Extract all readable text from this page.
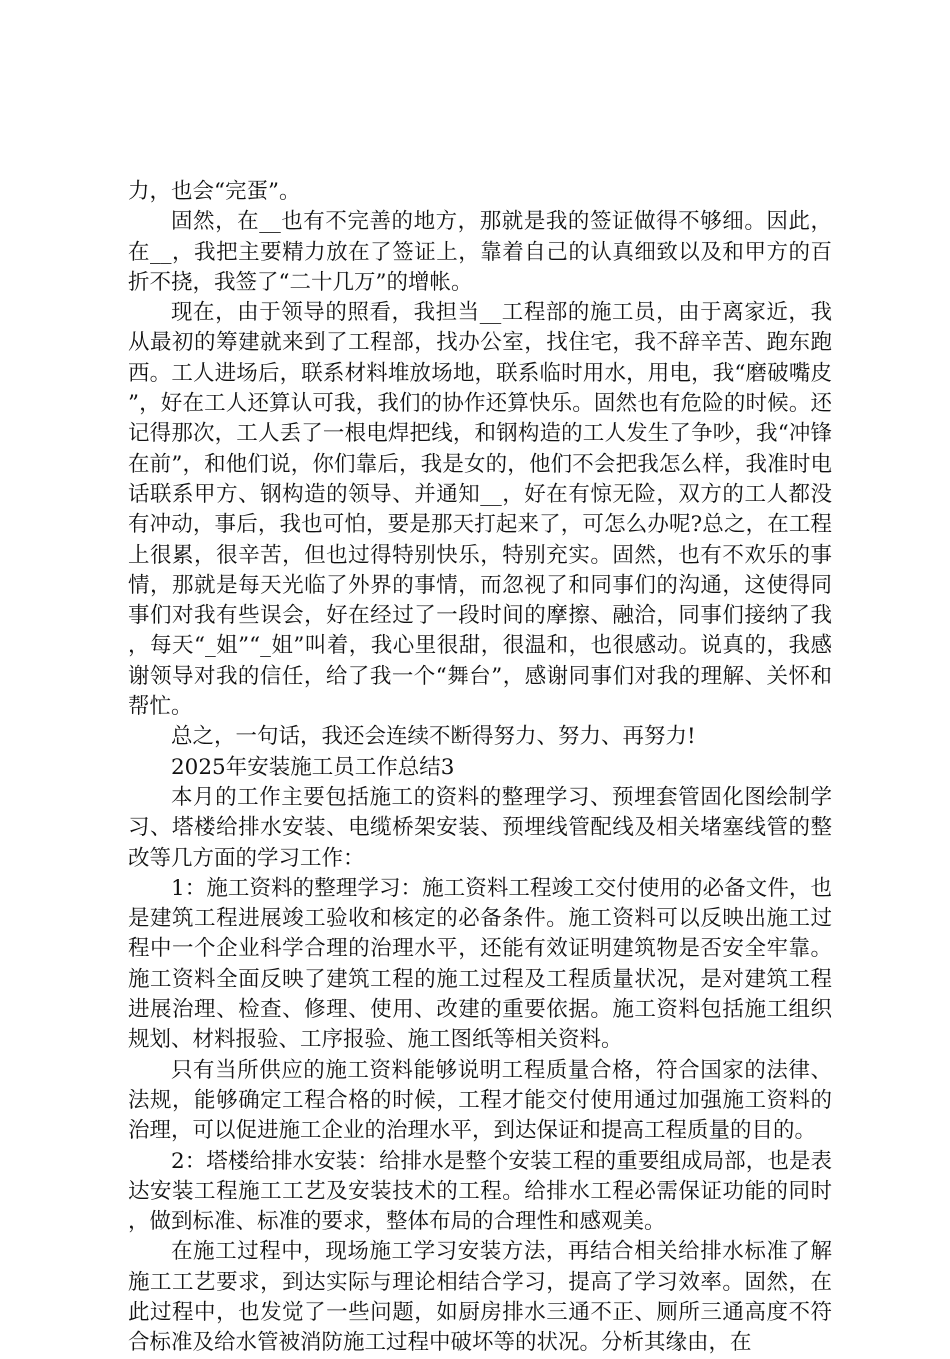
力，也会“完蛋”。

固然，在__也有不完善的地方，那就是我的签证做得不够细。因此，在__，我把主要精力放在了签证上，靠着自己的认真细致以及和甲方的百折不挠，我签了“二十几万”的增帐。

现在，由于领导的照看，我担当__工程部的施工员，由于离家近，我从最初的筹建就来到了工程部，找办公室，找住宅，我不辞辛苦、跑东跑西。工人进场后，联系材料堆放场地，联系临时用水，用电，我“磨破嘴皮”，好在工人还算认可我，我们的协作还算快乐。固然也有危险的时候。还记得那次，工人丢了一根电焊把线，和钢构造的工人发生了争吵，我“冲锋在前”，和他们说，你们靠后，我是女的，他们不会把我怎么样，我准时电话联系甲方、钢构造的领导、并通知__，好在有惊无险，双方的工人都没有冲动，事后，我也可怕，要是那天打起来了，可怎么办呢?总之，在工程上很累，很辛苦，但也过得特别快乐，特别充实。固然，也有不欢乐的事情，那就是每天光临了外界的事情，而忽视了和同事们的沟通，这使得同事们对我有些误会，好在经过了一段时间的摩擦、融洽，同事们接纳了我，每天“_姐”“_姐”叫着，我心里很甜，很温和，也很感动。说真的，我感谢领导对我的信任，给了我一个“舞台”，感谢同事们对我的理解、关怀和帮忙。

总之，一句话，我还会连续不断得努力、努力、再努力!

2025年安装施工员工作总结3

本月的工作主要包括施工的资料的整理学习、预埋套管固化图绘制学习、塔楼给排水安装、电缆桥架安装、预埋线管配线及相关堵塞线管的整改等几方面的学习工作：

1：施工资料的整理学习：施工资料工程竣工交付使用的必备文件，也是建筑工程进展竣工验收和核定的必备条件。施工资料可以反映出施工过程中一个企业科学合理的治理水平，还能有效证明建筑物是否安全牢靠。施工资料全面反映了建筑工程的施工过程及工程质量状况，是对建筑工程进展治理、检查、修理、使用、改建的重要依据。施工资料包括施工组织规划、材料报验、工序报验、施工图纸等相关资料。

只有当所供应的施工资料能够说明工程质量合格，符合国家的法律、法规，能够确定工程合格的时候，工程才能交付使用通过加强施工资料的治理，可以促进施工企业的治理水平，到达保证和提高工程质量的目的。

2：塔楼给排水安装：给排水是整个安装工程的重要组成局部，也是表达安装工程施工工艺及安装技术的工程。给排水工程必需保证功能的同时，做到标准、标准的要求，整体布局的合理性和感观美。

在施工过程中，现场施工学习安装方法，再结合相关给排水标准了解施工工艺要求，到达实际与理论相结合学习，提高了学习效率。固然，在此过程中，也发觉了一些问题，如厨房排水三通不正、厕所三通高度不符合标准及给水管被消防施工过程中破坏等的状况。分析其缘由，在
